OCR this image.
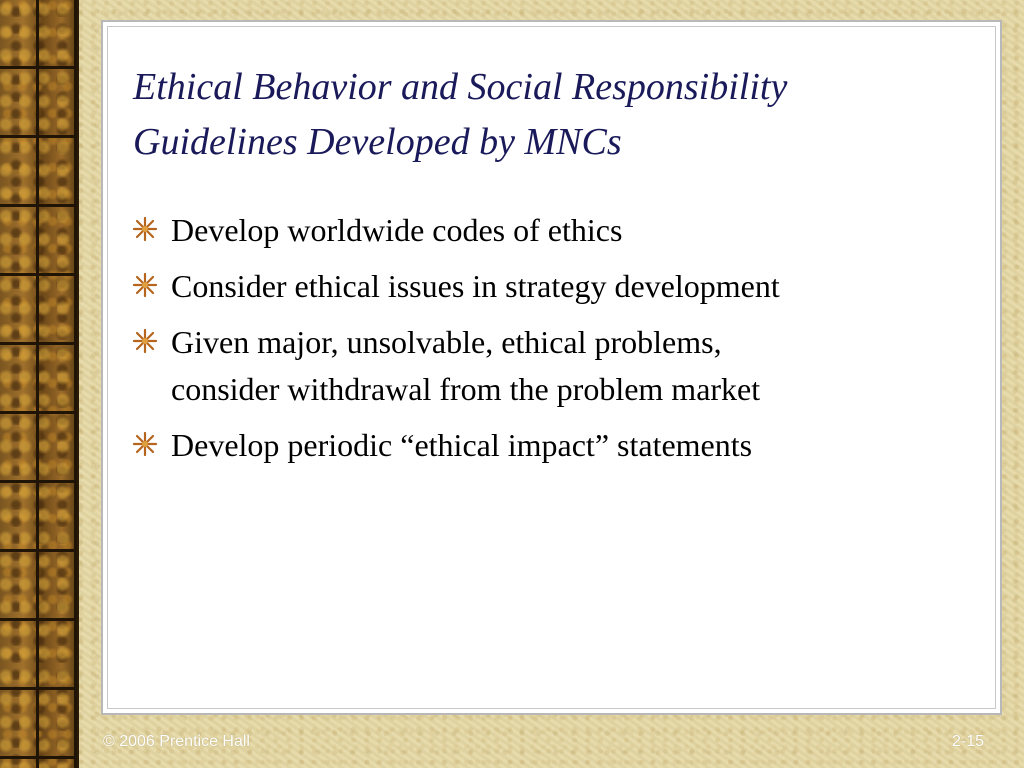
Ethical Behavior and Social Responsibility
Guidelines Developed by MNCs
Develop worldwide codes of ethics
Consider ethical issues in strategy development
Given major, unsolvable, ethical problems,
consider withdrawal from the problem market
Develop periodic “ethical impact” statements
© 2006 Prentice Hall	2-15
